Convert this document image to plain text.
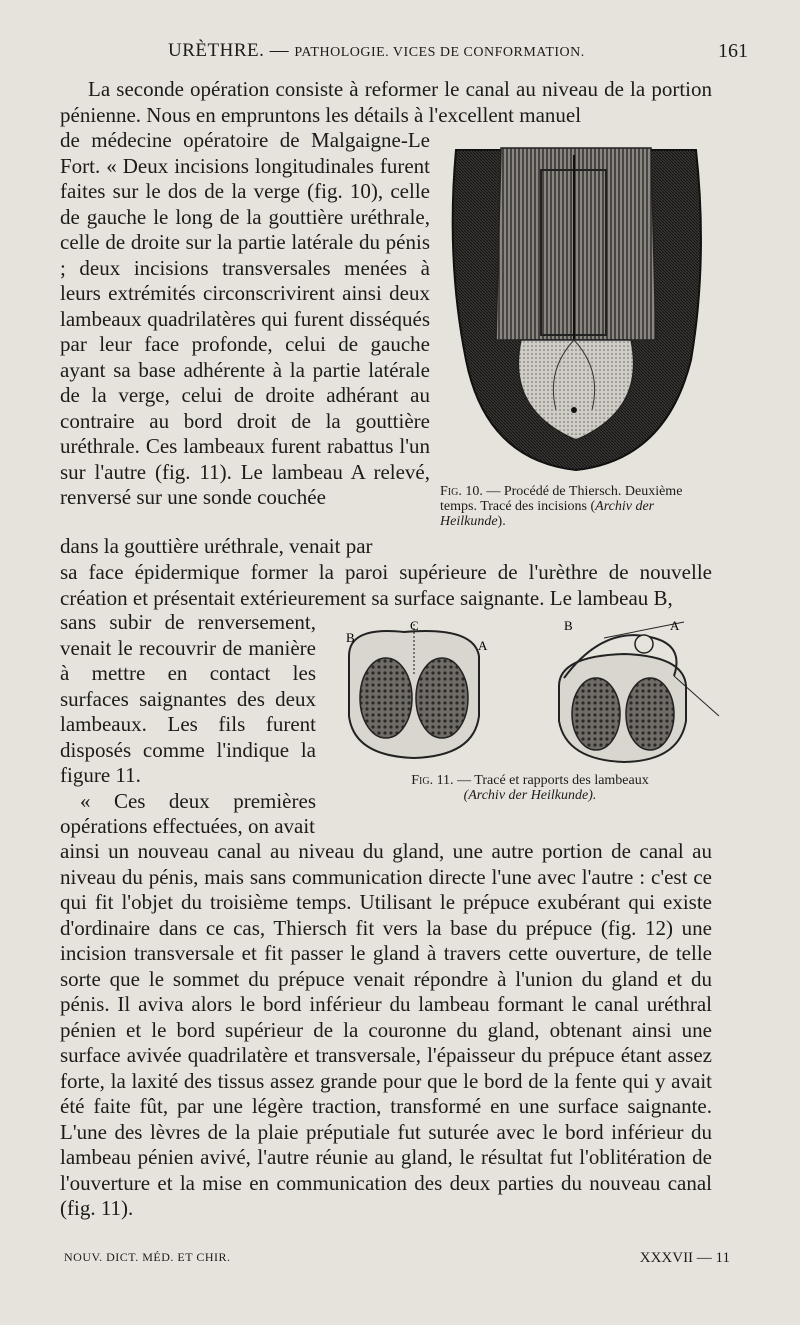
URÈTHRE. — PATHOLOGIE. VICES DE CONFORMATION.	161

La seconde opération consiste à reformer le canal au niveau de la portion pénienne. Nous en empruntons les détails à l'excellent manuel

de médecine opératoire de Malgaigne-Le Fort. « Deux incisions longitudinales furent faites sur le dos de la verge (fig. 10), celle de gauche le long de la gouttière uréthrale, celle de droite sur la partie latérale du pénis ; deux incisions transversales menées à leurs extrémités circonscrivirent ainsi deux lambeaux quadrilatères qui furent disséqués par leur face profonde, celui de gauche ayant sa base adhérente à la partie latérale de la verge, celui de droite adhérant au contraire au bord droit de la gouttière uréthrale. Ces lambeaux furent rabattus l'un sur l'autre (fig. 11). Le lambeau A relevé, renversé sur une sonde couchée

dans la gouttière uréthrale, venait par

sa face épidermique former la paroi supérieure de l'urèthre de nouvelle création et présentait extérieurement sa surface saignante. Le lambeau B,

sans subir de renversement, venait le recouvrir de manière à mettre en contact les surfaces saignantes des deux lambeaux. Les fils furent disposés comme l'indique la figure 11.

« Ces deux premières opérations effectuées, on avait

ainsi un nouveau canal au niveau du gland, une autre portion de canal au niveau du pénis, mais sans communication directe l'une avec l'autre : c'est ce qui fit l'objet du troisième temps. Utilisant le prépuce exubérant qui existe d'ordinaire dans ce cas, Thiersch fit vers la base du prépuce (fig. 12) une incision transversale et fit passer le gland à travers cette ouverture, de telle sorte que le sommet du prépuce venait répondre à l'union du gland et du pénis. Il aviva alors le bord inférieur du lambeau formant le canal uréthral pénien et le bord supérieur de la couronne du gland, obtenant ainsi une surface avivée quadrilatère et transversale, l'épaisseur du prépuce étant assez forte, la laxité des tissus assez grande pour que le bord de la fente qui y avait été faite fût, par une légère traction, transformé en une surface saignante. L'une des lèvres de la plaie préputiale fut suturée avec le bord inférieur du lambeau pénien avivé, l'autre réunie au gland, le résultat fut l'oblitération de l'ouverture et la mise en communication des deux parties du nouveau canal (fig. 11).

Fig. 10. — Procédé de Thiersch. Deuxième temps. Tracé des incisions (Archiv der Heilkunde).
B
C
A
B	A
Fig. 11. — Tracé et rapports des lambeaux
(Archiv der Heilkunde).
NOUV. DICT. MÉD. ET CHIR.	XXXVII — 11
